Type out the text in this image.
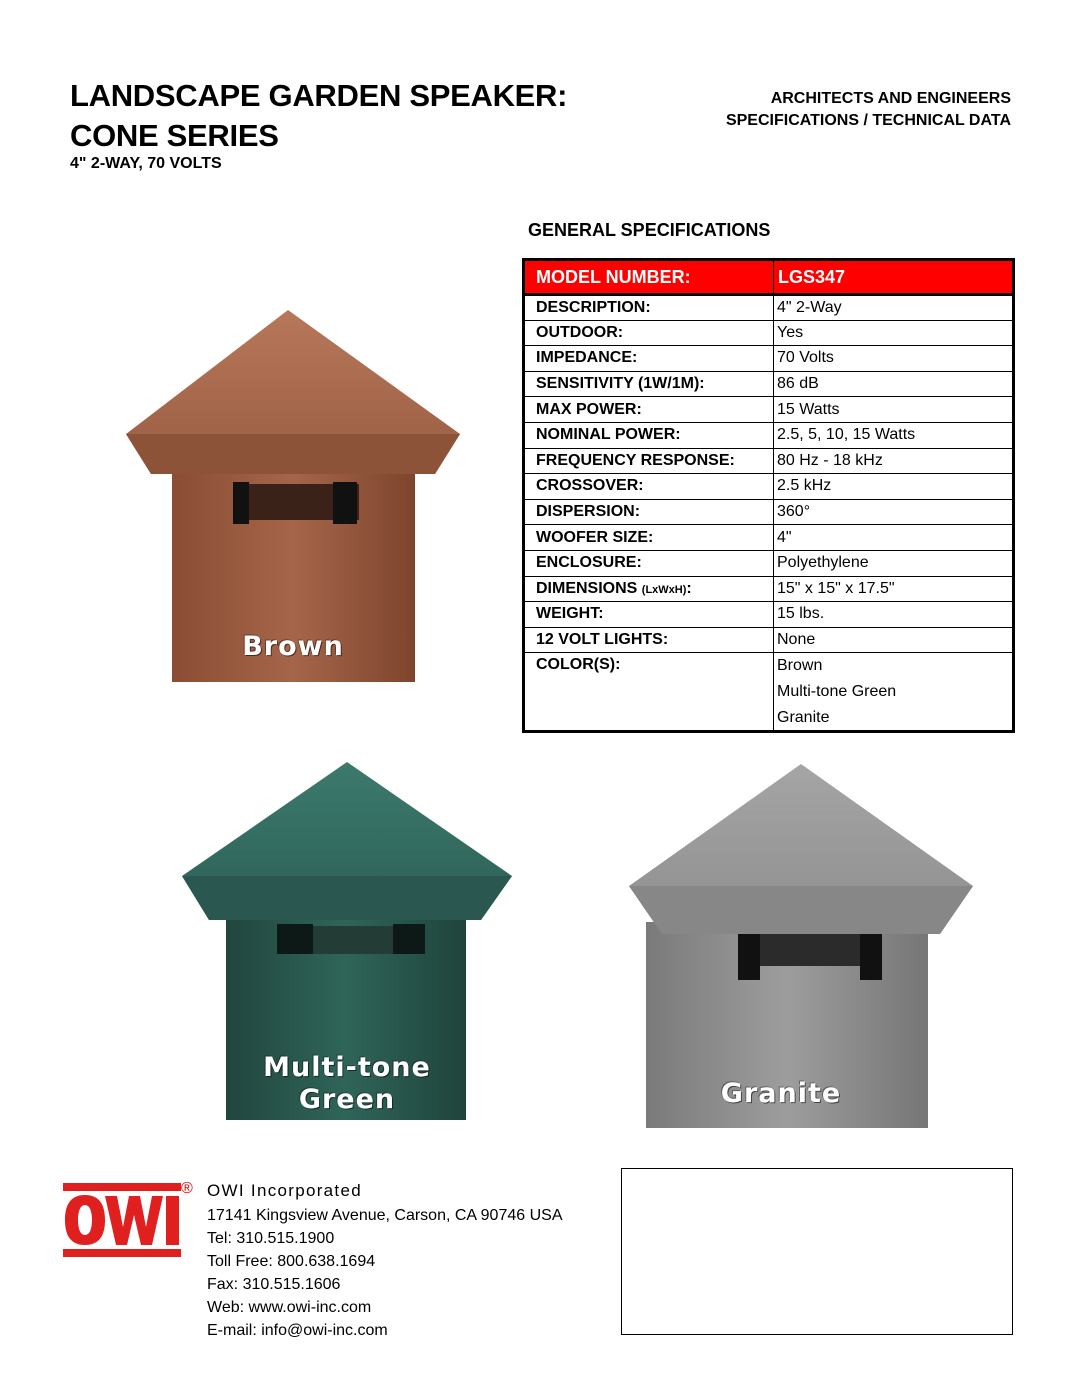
LANDSCAPE GARDEN SPEAKER:
CONE SERIES
4" 2-WAY, 70 VOLTS
ARCHITECTS AND ENGINEERS
SPECIFICATIONS / TECHNICAL DATA
GENERAL SPECIFICATIONS
MODEL NUMBER:	LGS347
DESCRIPTION:	4" 2-Way
OUTDOOR:	Yes
IMPEDANCE:	70 Volts
SENSITIVITY (1W/1M):	86 dB
MAX POWER:	15 Watts
NOMINAL POWER:	2.5, 5, 10, 15 Watts
FREQUENCY RESPONSE:	80 Hz - 18 kHz
CROSSOVER:	2.5 kHz
DISPERSION:	360°
WOOFER SIZE:	4"
ENCLOSURE:	Polyethylene
DIMENSIONS (LxWxH):	15" x 15" x 17.5"
WEIGHT:	15 lbs.
12 VOLT LIGHTS:	None
COLOR(S):	Brown
Multi-tone Green
Granite
Brown
Multi-tone
Green	Granite
® OWI Incorporated
17141 Kingsview Avenue, Carson, CA 90746 USA
Tel: 310.515.1900
Toll Free: 800.638.1694
Fax: 310.515.1606
Web: www.owi-inc.com
E-mail: info@owi-inc.com
